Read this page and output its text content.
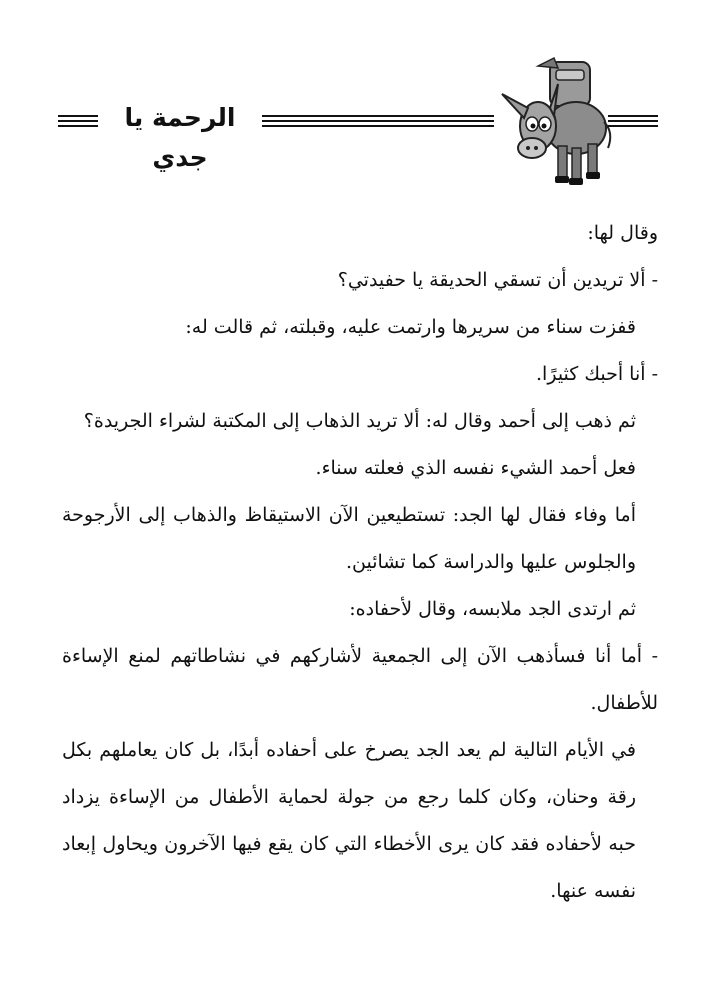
الرحمة يا جدي

وقال لها:

- ألا تريدين أن تسقي الحديقة يا حفيدتي؟

قفزت سناء من سريرها وارتمت عليه، وقبلته، ثم قالت له:

- أنا أحبك كثيرًا.

ثم ذهب إلى أحمد وقال له: ألا تريد الذهاب إلى المكتبة لشراء الجريدة؟

فعل أحمد الشيء نفسه الذي فعلته سناء.

أما وفاء فقال لها الجد: تستطيعين الآن الاستيقاظ والذهاب إلى الأرجوحة والجلوس عليها والدراسة كما تشائين.

ثم ارتدى الجد ملابسه، وقال لأحفاده:

- أما أنا فسأذهب الآن إلى الجمعية لأشاركهم في نشاطاتهم لمنع الإساءة للأطفال.

في الأيام التالية لم يعد الجد يصرخ على أحفاده أبدًا، بل كان يعاملهم بكل رقة وحنان، وكان كلما رجع من جولة لحماية الأطفال من الإساءة يزداد حبه لأحفاده فقد كان يرى الأخطاء التي كان يقع فيها الآخرون ويحاول إبعاد نفسه عنها.
